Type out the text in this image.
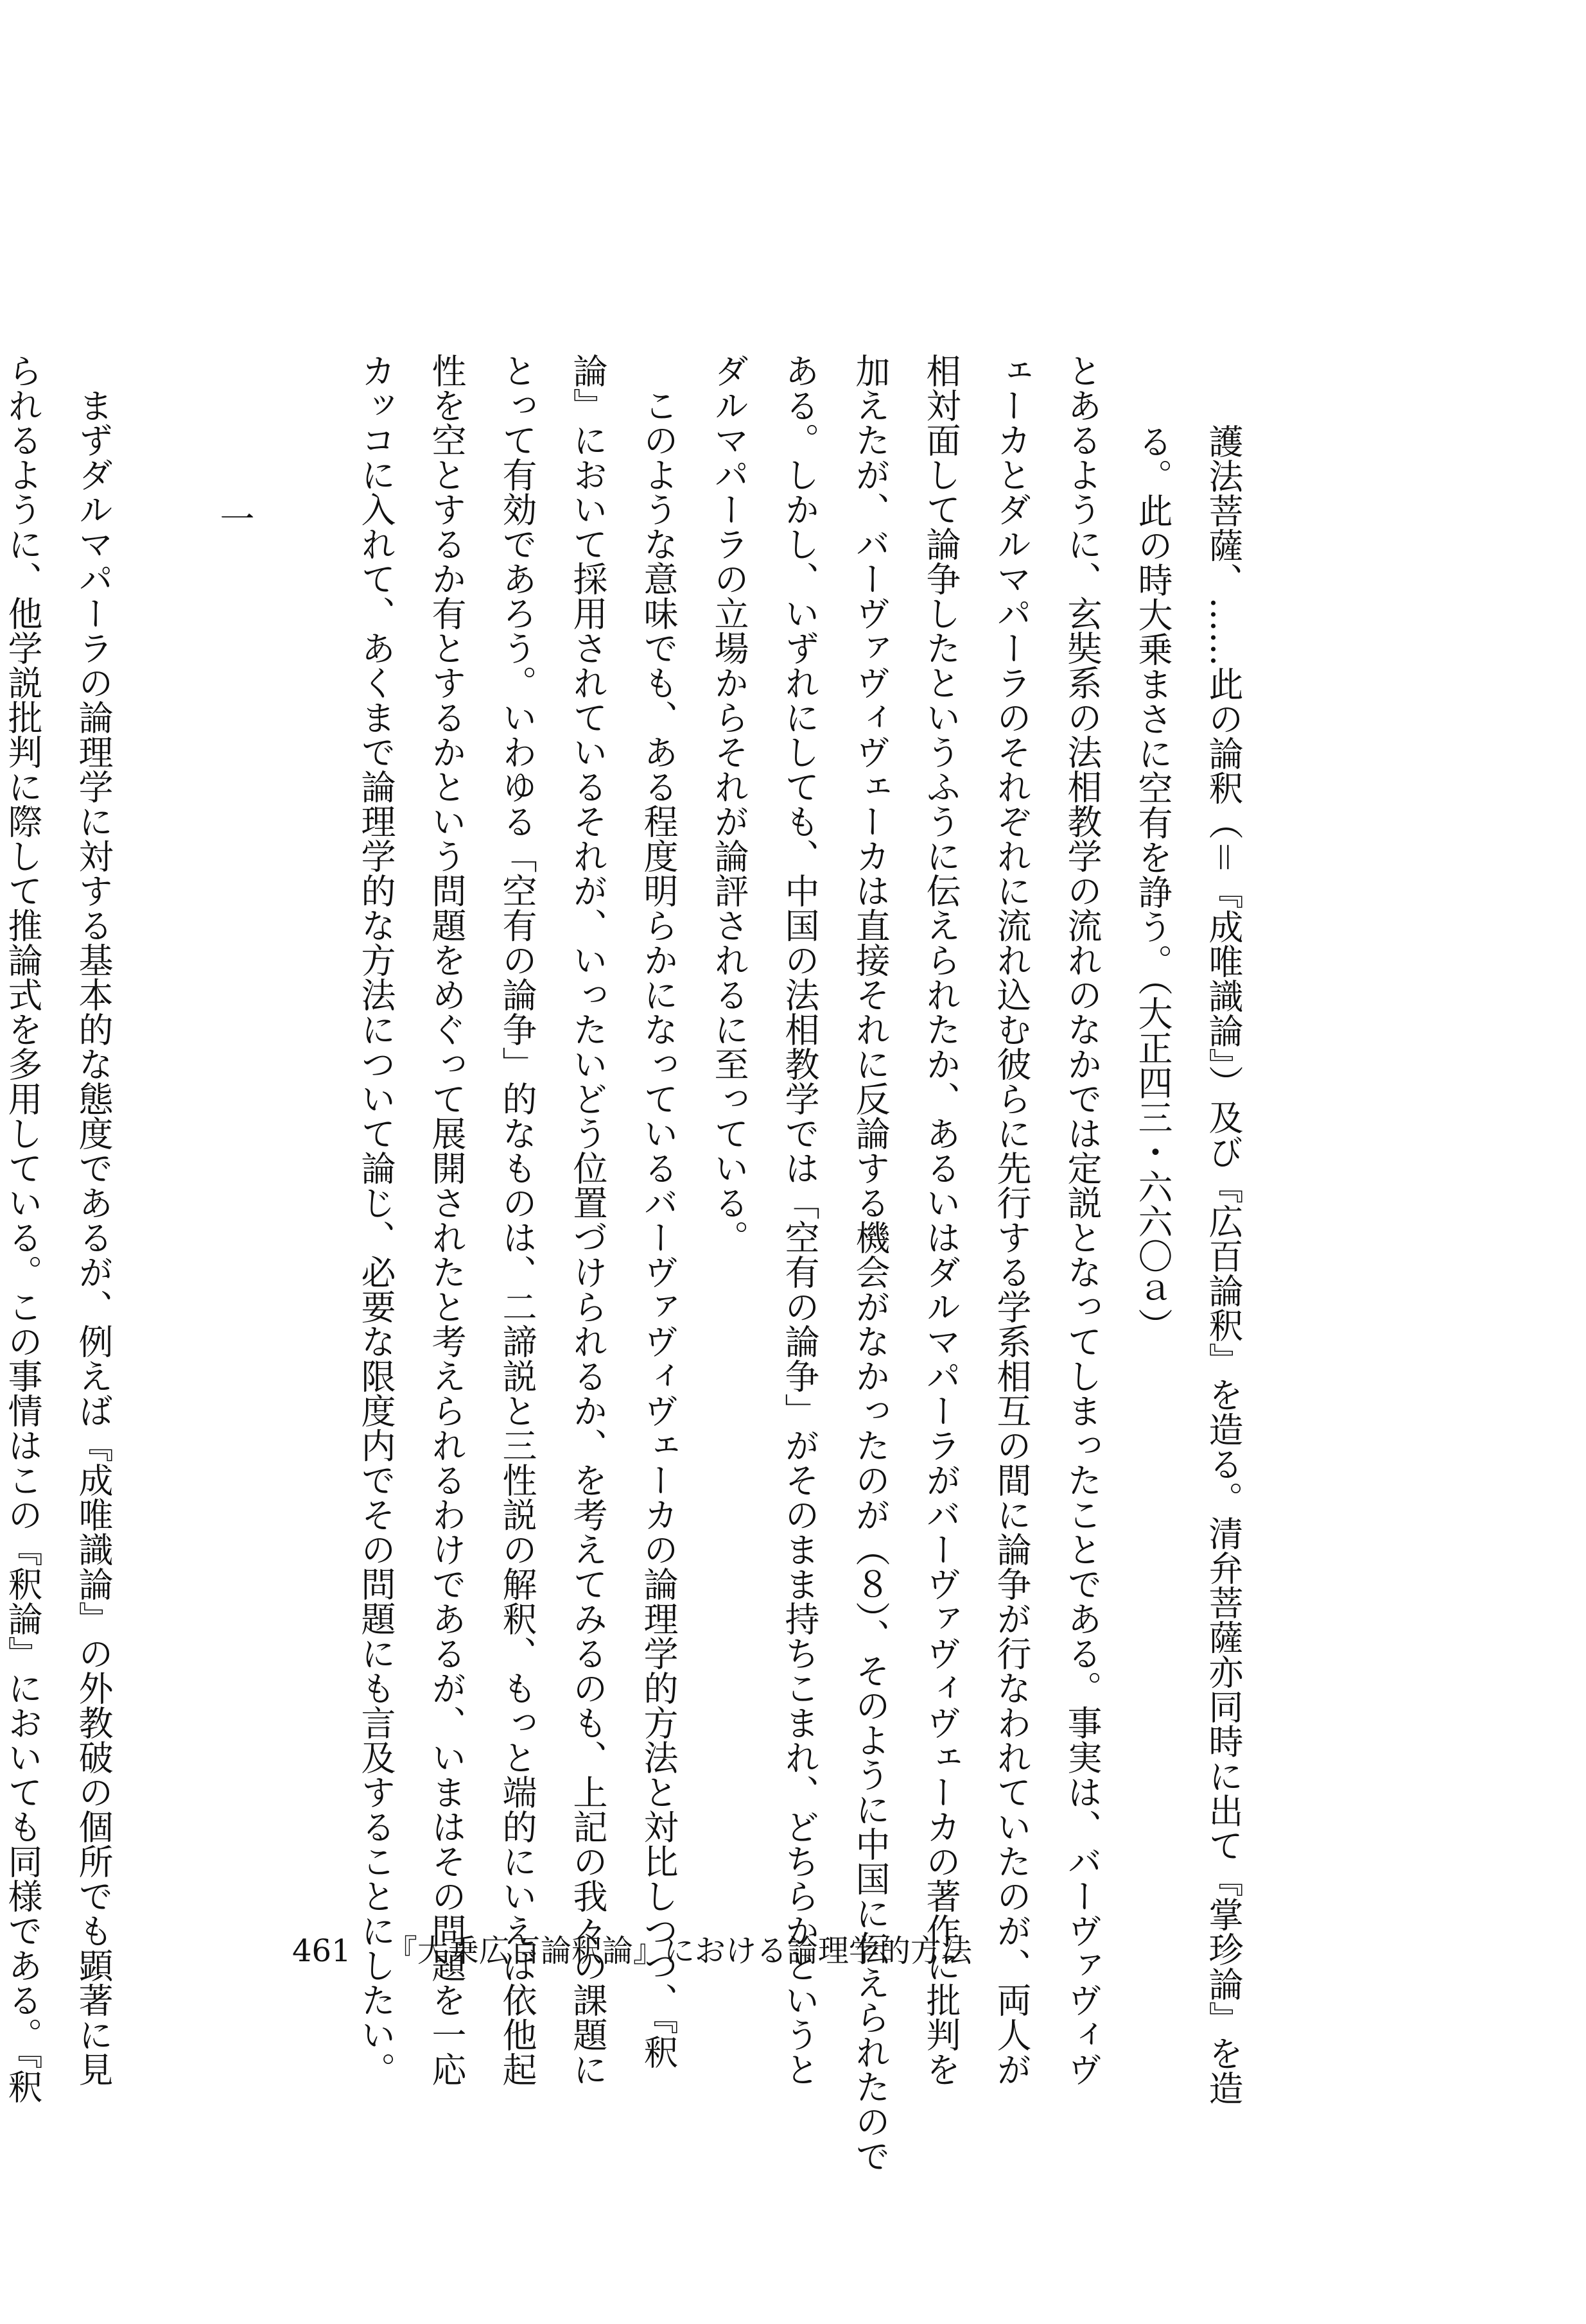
護法菩薩、……此の論釈（＝『成唯識論』）及び『広百論釈』を造る。清弁菩薩亦同時に出て『掌珍論』を造
る。此の時大乗まさに空有を諍う。（大正四三・六六〇ａ）
とあるように、玄奘系の法相教学の流れのなかでは定説となってしまったことである。事実は、バーヴァヴィヴ
ェーカとダルマパーラのそれぞれに流れ込む彼らに先行する学系相互の間に論争が行なわれていたのが、両人が
相対面して論争したというふうに伝えられたか、あるいはダルマパーラがバーヴァヴィヴェーカの著作に批判を
加えたが、バーヴァヴィヴェーカは直接それに反論する機会がなかったのが（８）、そのように中国に伝えられたので
ある。しかし、いずれにしても、中国の法相教学では「空有の論争」がそのまま持ちこまれ、どちらかというと
ダルマパーラの立場からそれが論評されるに至っている。
このような意味でも、ある程度明らかになっているバーヴァヴィヴェーカの論理学的方法と対比しつつ、『釈
論』において採用されているそれが、いったいどう位置づけられるか、を考えてみるのも、上記の我々の課題に
とって有効であろう。いわゆる「空有の論争」的なものは、二諦説と三性説の解釈、もっと端的にいえば依他起
性を空とするか有とするかという問題をめぐって展開されたと考えられるわけであるが、いまはその問題を一応
カッコに入れて、あくまで論理学的な方法について論じ、必要な限度内でその問題にも言及することにしたい。
一
まずダルマパーラの論理学に対する基本的な態度であるが、例えば『成唯識論』の外教破の個所でも顕著に見
られるように、他学説批判に際して推論式を多用している。この事情はこの『釈論』においても同様である。『釈	461 『大乗広百論釈論』における論理学的方法
